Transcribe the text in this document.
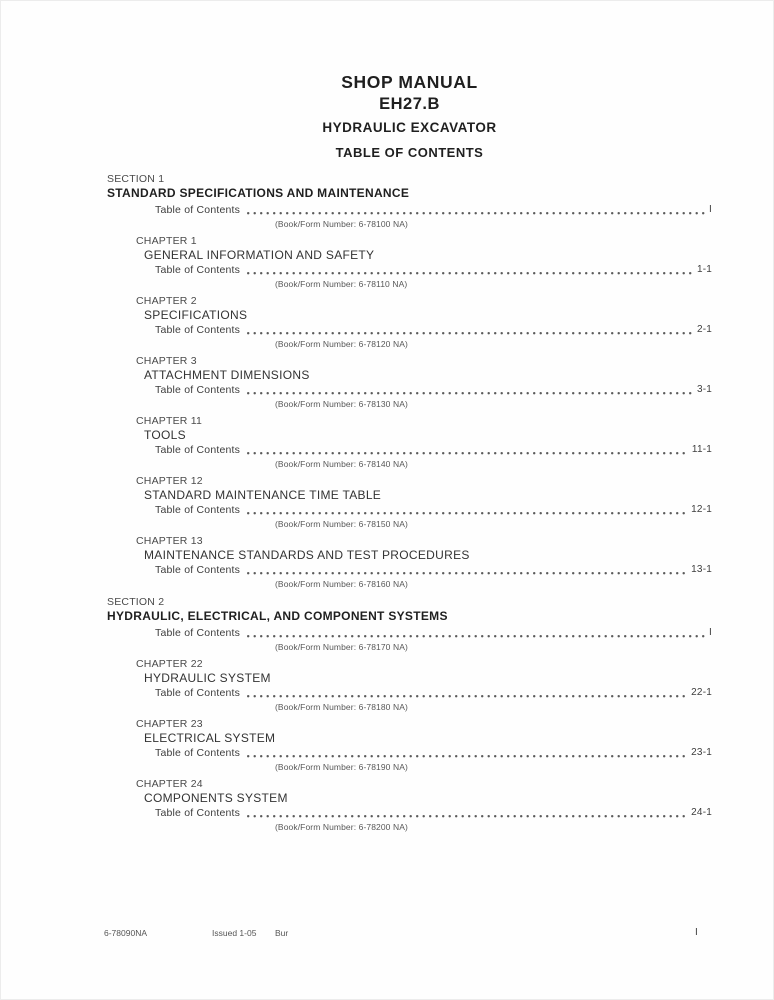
SHOP MANUAL
EH27.B
HYDRAULIC EXCAVATOR
TABLE OF CONTENTS
SECTION 1
STANDARD SPECIFICATIONS AND MAINTENANCE
Table of Contents	I
(Book/Form Number: 6-78100 NA)
CHAPTER 1
GENERAL INFORMATION AND SAFETY
Table of Contents	1-1
(Book/Form Number: 6-78110 NA)
CHAPTER 2
SPECIFICATIONS
Table of Contents	2-1
(Book/Form Number: 6-78120 NA)
CHAPTER 3
ATTACHMENT DIMENSIONS
Table of Contents	3-1
(Book/Form Number: 6-78130 NA)
CHAPTER 11
TOOLS
Table of Contents	11-1
(Book/Form Number: 6-78140 NA)
CHAPTER 12
STANDARD MAINTENANCE TIME TABLE
Table of Contents	12-1
(Book/Form Number: 6-78150 NA)
CHAPTER 13
MAINTENANCE STANDARDS AND TEST PROCEDURES
Table of Contents	13-1
(Book/Form Number: 6-78160 NA)
SECTION 2
HYDRAULIC, ELECTRICAL, AND COMPONENT SYSTEMS
Table of Contents	I
(Book/Form Number: 6-78170 NA)
CHAPTER 22
HYDRAULIC SYSTEM
Table of Contents	22-1
(Book/Form Number: 6-78180 NA)
CHAPTER 23
ELECTRICAL SYSTEM
Table of Contents	23-1
(Book/Form Number: 6-78190 NA)
CHAPTER 24
COMPONENTS SYSTEM
Table of Contents	24-1
(Book/Form Number: 6-78200 NA)
6-78090NA	Issued 1-05 Bur	I
